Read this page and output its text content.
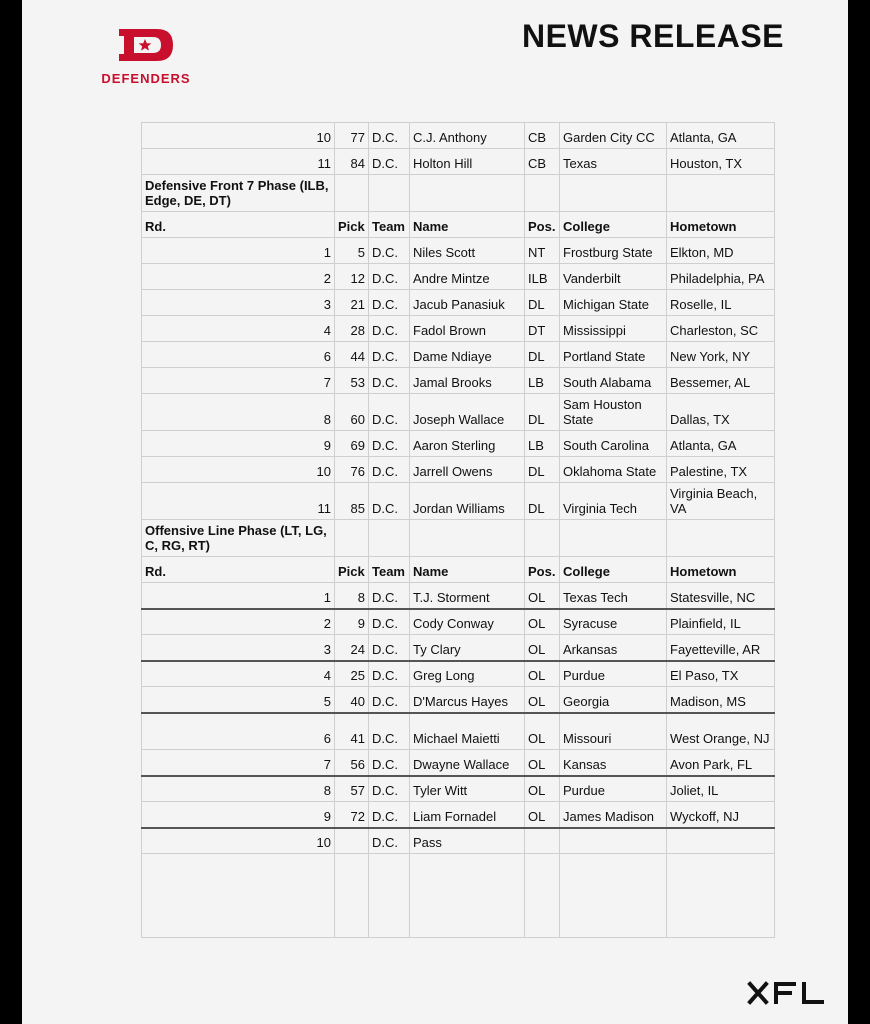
DEFENDERS
NEWS RELEASE
10	77	D.C.	C.J. Anthony	CB	Garden City CC	Atlanta, GA
11	84	D.C.	Holton Hill	CB	Texas	Houston, TX
Defensive Front 7 Phase (ILB, Edge, DE, DT)						
Rd.	Pick	Team	Name	Pos.	College	Hometown
1	5	D.C.	Niles Scott	NT	Frostburg State	Elkton, MD
2	12	D.C.	Andre Mintze	ILB	Vanderbilt	Philadelphia, PA
3	21	D.C.	Jacub Panasiuk	DL	Michigan State	Roselle, IL
4	28	D.C.	Fadol Brown	DT	Mississippi	Charleston, SC
6	44	D.C.	Dame Ndiaye	DL	Portland State	New York, NY
7	53	D.C.	Jamal Brooks	LB	South Alabama	Bessemer, AL
8	60	D.C.	Joseph Wallace	DL	Sam Houston State	Dallas, TX
9	69	D.C.	Aaron Sterling	LB	South Carolina	Atlanta, GA
10	76	D.C.	Jarrell Owens	DL	Oklahoma State	Palestine, TX
11	85	D.C.	Jordan Williams	DL	Virginia Tech	Virginia Beach, VA
Offensive Line Phase (LT, LG, C, RG, RT)						
Rd.	Pick	Team	Name	Pos.	College	Hometown
1	8	D.C.	T.J. Storment	OL	Texas Tech	Statesville, NC
2	9	D.C.	Cody Conway	OL	Syracuse	Plainfield, IL
3	24	D.C.	Ty Clary	OL	Arkansas	Fayetteville, AR
4	25	D.C.	Greg Long	OL	Purdue	El Paso, TX
5	40	D.C.	D'Marcus Hayes	OL	Georgia	Madison, MS
6	41	D.C.	Michael Maietti	OL	Missouri	West Orange, NJ
7	56	D.C.	Dwayne Wallace	OL	Kansas	Avon Park, FL
8	57	D.C.	Tyler Witt	OL	Purdue	Joliet, IL
9	72	D.C.	Liam Fornadel	OL	James Madison	Wyckoff, NJ
10		D.C.	Pass			
